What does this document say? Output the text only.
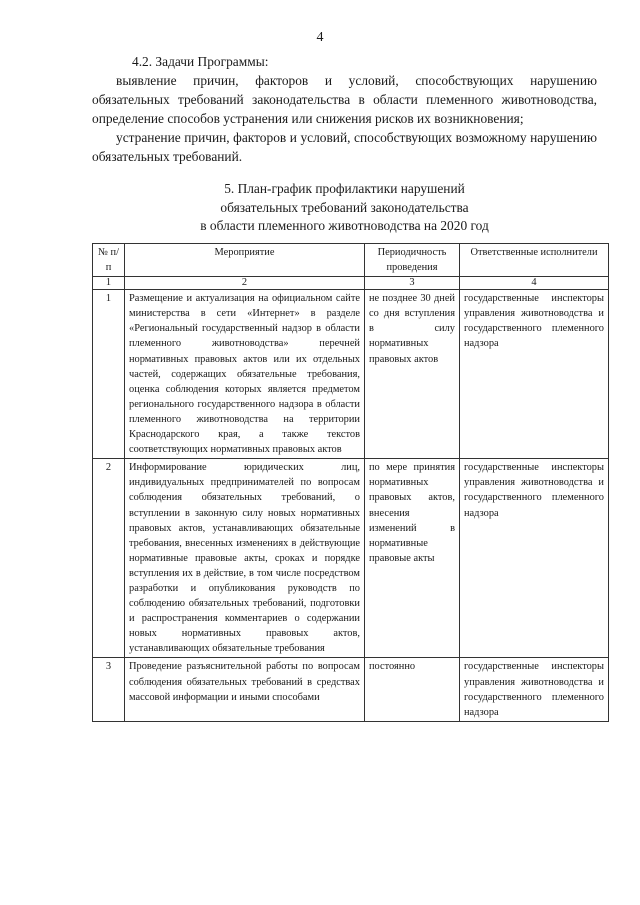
4

4.2. Задачи Программы:

выявление причин, факторов и условий, способствующих нарушению обязательных требований законодательства в области племенного животноводства, определение способов устранения или снижения рисков их возникновения;

устранение причин, факторов и условий, способствующих возможному нарушению обязательных требований.

5. План-график профилактики нарушений
обязательных требований законодательства
в области племенного животноводства на 2020 год
№ п/п	Мероприятие	Периодичность проведения	Ответственные исполнители
1	2	3	4
1	Размещение и актуализация на официальном сайте министерства в сети «Интернет» в разделе «Региональный государственный надзор в области племенного животноводства» перечней нормативных правовых актов или их отдельных частей, содержащих обязательные требования, оценка соблюдения которых является предметом регионального государственного надзора в области племенного животноводства на территории Краснодарского края, а также текстов соответствующих нормативных правовых актов	не позднее 30 дней со дня вступления в силу нормативных правовых актов	государственные инспекторы управления животноводства и государственного племенного надзора
2	Информирование юридических лиц, индивидуальных предпринимателей по вопросам соблюдения обязательных требований, о вступлении в законную силу новых нормативных правовых актов, устанавливающих обязательные требования, внесенных изменениях в действующие нормативные правовые акты, сроках и порядке вступления их в действие, в том числе посредством разработки и опубликования руководств по соблюдению обязательных требований, подготовки и распространения комментариев о содержании новых нормативных правовых актов, устанавливающих обязательные требования	по мере принятия нормативных правовых актов, внесения изменений в нормативные правовые акты	государственные инспекторы управления животноводства и государственного племенного надзора
3	Проведение разъяснительной работы по вопросам соблюдения обязательных требований в средствах массовой информации и иными способами	постоянно	государственные инспекторы управления животноводства и государственного племенного надзора
